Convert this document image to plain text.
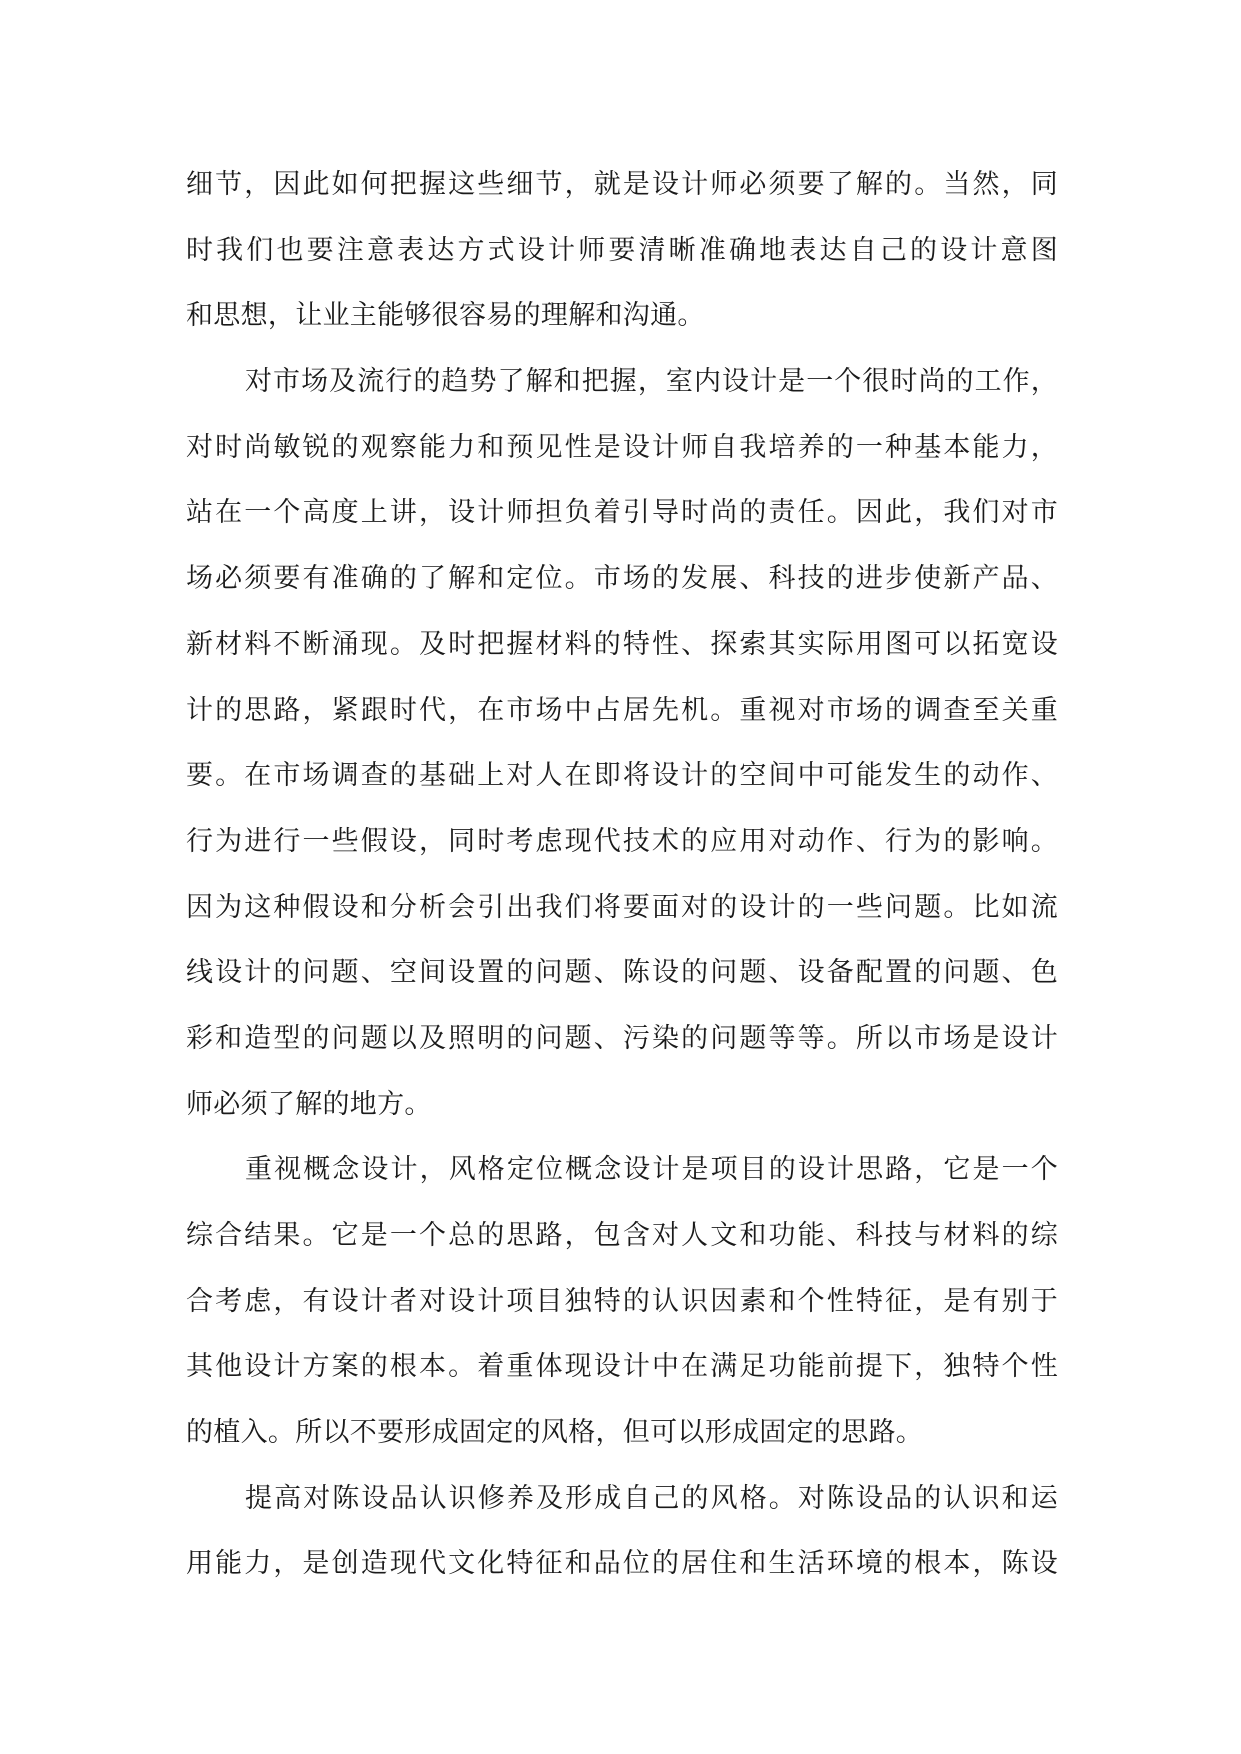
细节，因此如何把握这些细节，就是设计师必须要了解的。当然，同
时我们也要注意表达方式设计师要清晰准确地表达自己的设计意图
和思想，让业主能够很容易的理解和沟通。
对市场及流行的趋势了解和把握，室内设计是一个很时尚的工作，
对时尚敏锐的观察能力和预见性是设计师自我培养的一种基本能力，
站在一个高度上讲，设计师担负着引导时尚的责任。因此，我们对市
场必须要有准确的了解和定位。市场的发展、科技的进步使新产品、
新材料不断涌现。及时把握材料的特性、探索其实际用图可以拓宽设
计的思路，紧跟时代，在市场中占居先机。重视对市场的调查至关重
要。在市场调查的基础上对人在即将设计的空间中可能发生的动作、
行为进行一些假设，同时考虑现代技术的应用对动作、行为的影响。
因为这种假设和分析会引出我们将要面对的设计的一些问题。比如流
线设计的问题、空间设置的问题、陈设的问题、设备配置的问题、色
彩和造型的问题以及照明的问题、污染的问题等等。所以市场是设计
师必须了解的地方。
重视概念设计，风格定位概念设计是项目的设计思路，它是一个
综合结果。它是一个总的思路，包含对人文和功能、科技与材料的综
合考虑，有设计者对设计项目独特的认识因素和个性特征，是有别于
其他设计方案的根本。着重体现设计中在满足功能前提下，独特个性
的植入。所以不要形成固定的风格，但可以形成固定的思路。
提高对陈设品认识修养及形成自己的风格。对陈设品的认识和运
用能力，是创造现代文化特征和品位的居住和生活环境的根本，陈设
